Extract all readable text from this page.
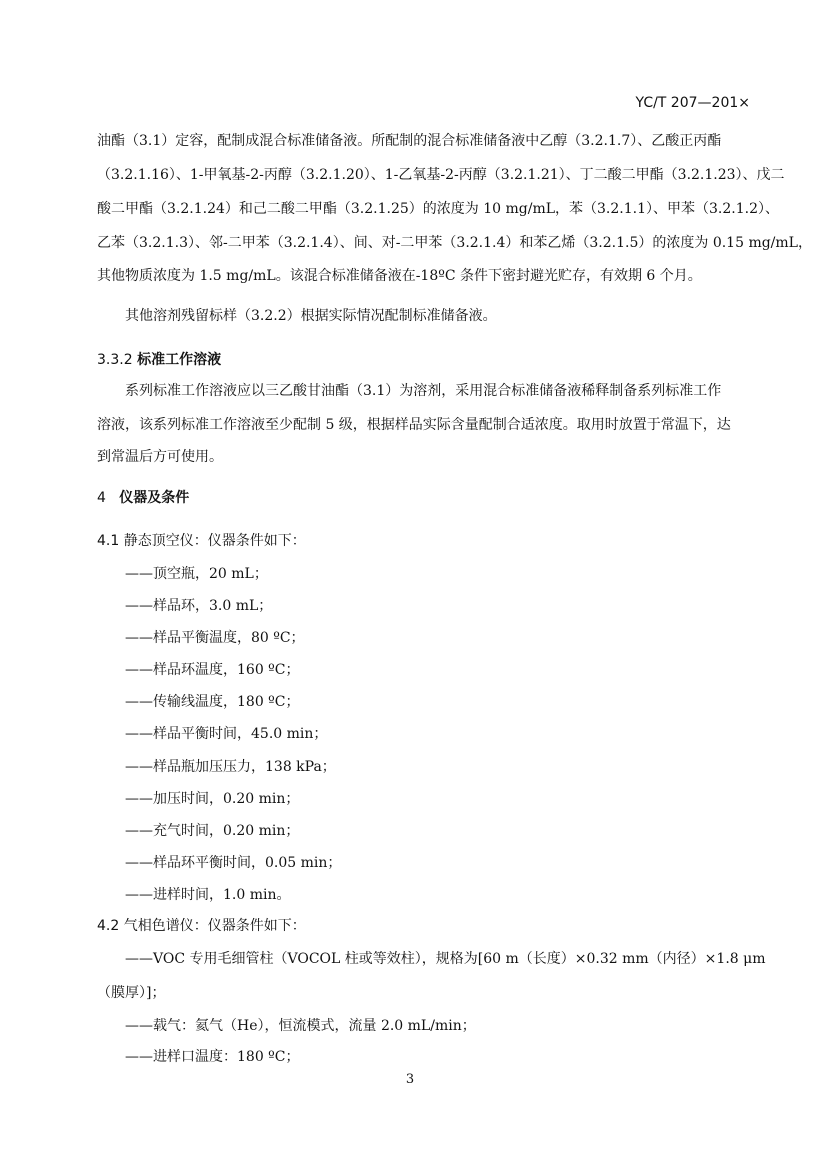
YC/T 207—201×
油酯（3.1）定容，配制成混合标准储备液。所配制的混合标准储备液中乙醇（3.2.1.7）、乙酸正丙酯
（3.2.1.16）、1-甲氧基-2-丙醇（3.2.1.20）、1-乙氧基-2-丙醇（3.2.1.21）、丁二酸二甲酯（3.2.1.23）、戊二
酸二甲酯（3.2.1.24）和己二酸二甲酯（3.2.1.25）的浓度为 10 mg/mL，苯（3.2.1.1）、甲苯（3.2.1.2）、
乙苯（3.2.1.3）、邻-二甲苯（3.2.1.4）、间、对-二甲苯（3.2.1.4）和苯乙烯（3.2.1.5）的浓度为 0.15 mg/mL，
其他物质浓度为 1.5 mg/mL。该混合标准储备液在-18ºC 条件下密封避光贮存，有效期 6 个月。
其他溶剂残留标样（3.2.2）根据实际情况配制标准储备液。
3.3.2 标准工作溶液
系列标准工作溶液应以三乙酸甘油酯（3.1）为溶剂，采用混合标准储备液稀释制备系列标准工作
溶液，该系列标准工作溶液至少配制 5 级，根据样品实际含量配制合适浓度。取用时放置于常温下，达
到常温后方可使用。
4 仪器及条件
4.1 静态顶空仪：仪器条件如下：
——顶空瓶，20 mL；
——样品环，3.0 mL；
——样品平衡温度，80 ºC；
——样品环温度，160 ºC；
——传输线温度，180 ºC；
——样品平衡时间，45.0 min；
——样品瓶加压压力，138 kPa；
——加压时间，0.20 min；
——充气时间，0.20 min；
——样品环平衡时间，0.05 min；
——进样时间，1.0 min。
4.2 气相色谱仪：仪器条件如下：
——VOC 专用毛细管柱（VOCOL 柱或等效柱），规格为[60 m（长度）×0.32 mm（内径）×1.8 μm
（膜厚）]；
——载气：氦气（He），恒流模式，流量 2.0 mL/min；
——进样口温度：180 ºC；
3
